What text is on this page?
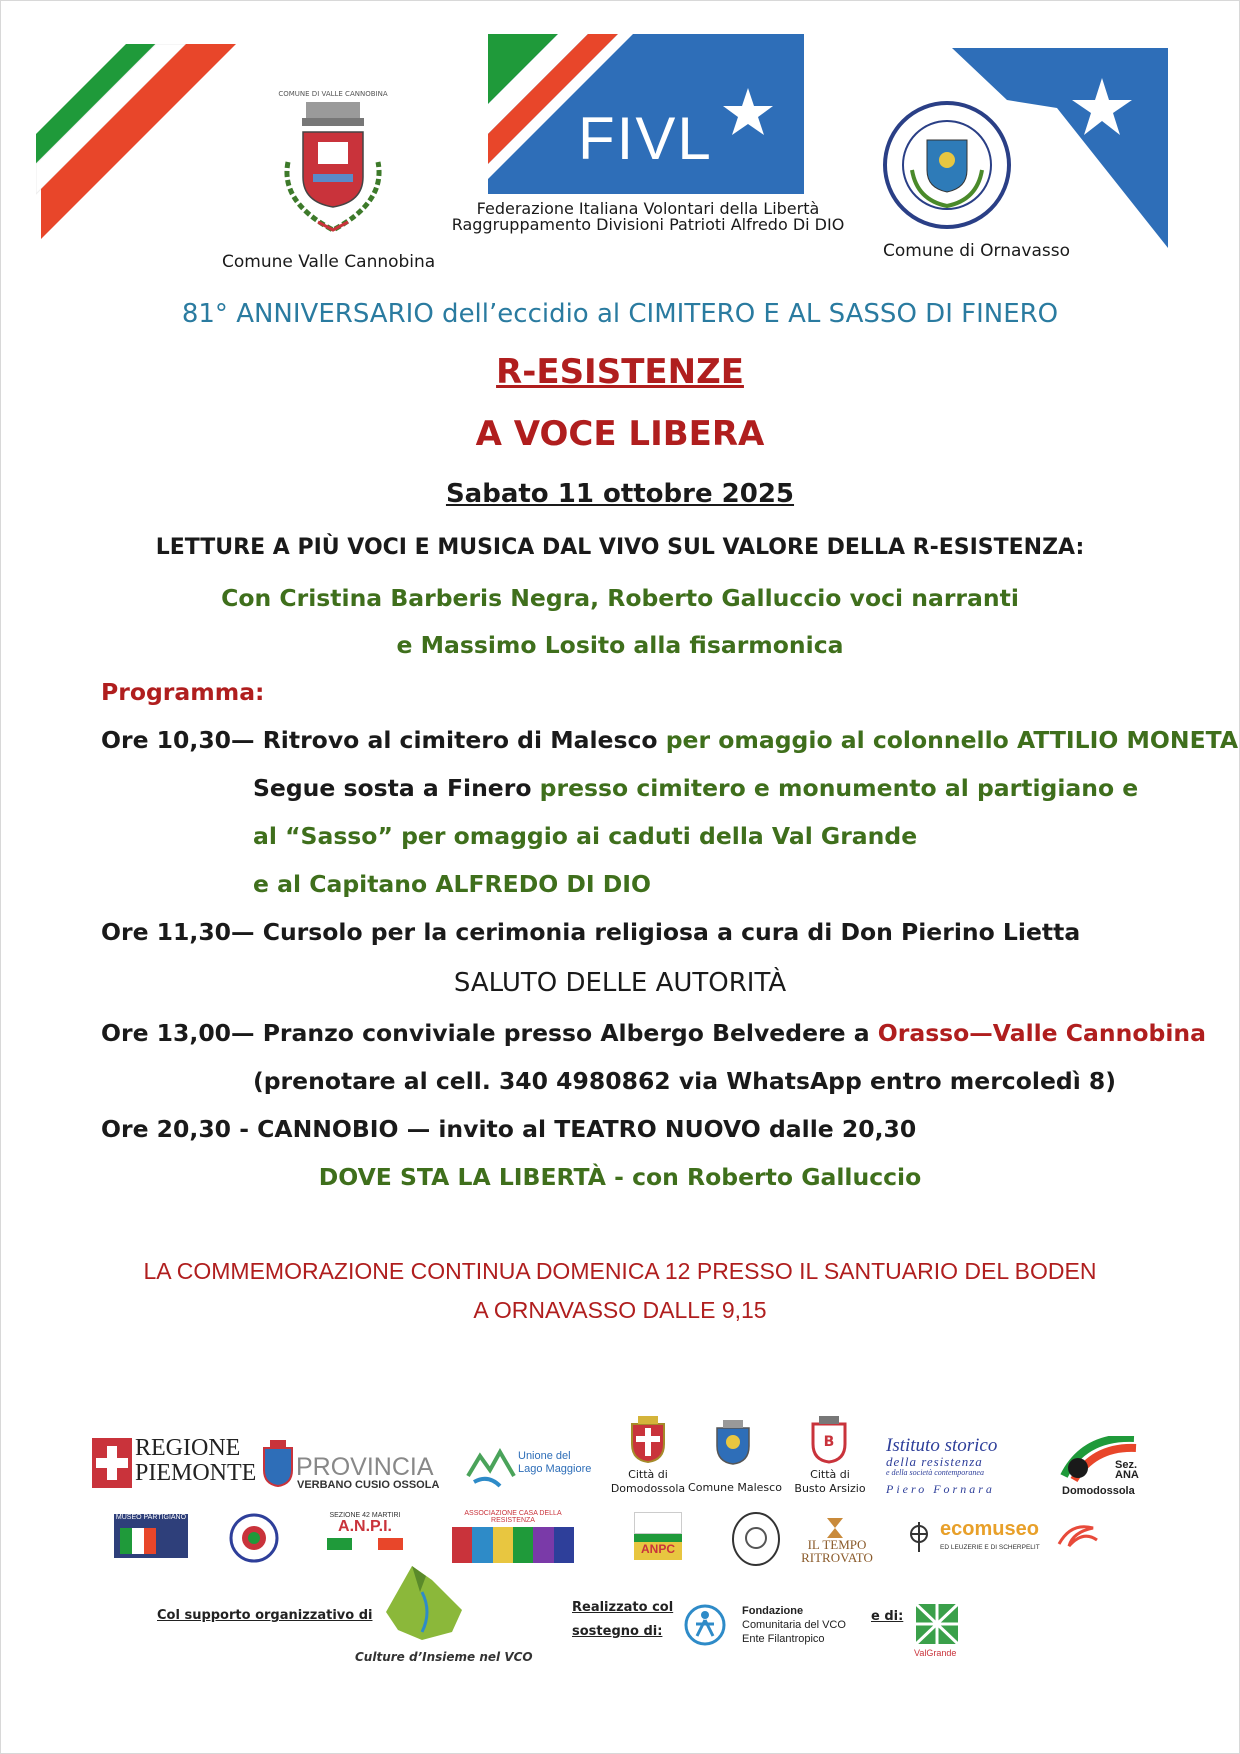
COMUNE DI VALLE CANNOBINA
FIVL
Federazione Italiana Volontari della Libertà
Raggruppamento Divisioni Patrioti Alfredo Di DIO
Comune Valle Cannobina
Comune di Ornavasso
81° ANNIVERSARIO dell’eccidio al CIMITERO E AL SASSO DI FINERO
R-ESISTENZE
A VOCE LIBERA
Sabato 11 ottobre 2025
LETTURE A PIÙ VOCI E MUSICA DAL VIVO SUL VALORE DELLA R-ESISTENZA:
Con Cristina Barberis Negra, Roberto Galluccio voci narranti
e Massimo Losito alla fisarmonica
Programma:
Ore 10,30— Ritrovo al cimitero di Malesco per omaggio al colonnello ATTILIO MONETA
Segue sosta a Finero presso cimitero e monumento al partigiano e
al “Sasso” per omaggio ai caduti della Val Grande
e al Capitano ALFREDO DI DIO
Ore 11,30— Cursolo per la cerimonia religiosa a cura di Don Pierino Lietta
SALUTO DELLE AUTORITÀ
Ore 13,00— Pranzo conviviale presso Albergo Belvedere a Orasso—Valle Cannobina
(prenotare al cell. 340 4980862 via WhatsApp entro mercoledì 8)
Ore 20,30 - CANNOBIO — invito al TEATRO NUOVO dalle 20,30
DOVE STA LA LIBERTÀ - con Roberto Galluccio
LA COMMEMORAZIONE CONTINUA DOMENICA 12 PRESSO IL SANTUARIO DEL BODEN
A ORNAVASSO DALLE 9,15
REGIONE
PIEMONTE PROVINCIA
VERBANO CUSIO OSSOLA
Unione del
Lago Maggiore	Città di
Domodossola Comune Malesco
B
Città di
Busto Arsizio
Istituto storico
della resistenza
e della società contemporanea
Piero Fornara
Sez.
ANA
Domodossola
MUSEO PARTIGIANO	SEZIONE 42 MARTIRI
A.N.P.I.
ASSOCIAZIONE CASA DELLA RESISTENZA
ANPC	IL TEMPO
RITROVATO
ecomuseo
ED LEUZERIE E DI SCHERPELIT
Col supporto organizzativo di
Culture d’Insieme nel VCO
Realizzato col
sostegno di:
Fondazione
Comunitaria del VCO
Ente Filantropico
e di:
ValGrande
